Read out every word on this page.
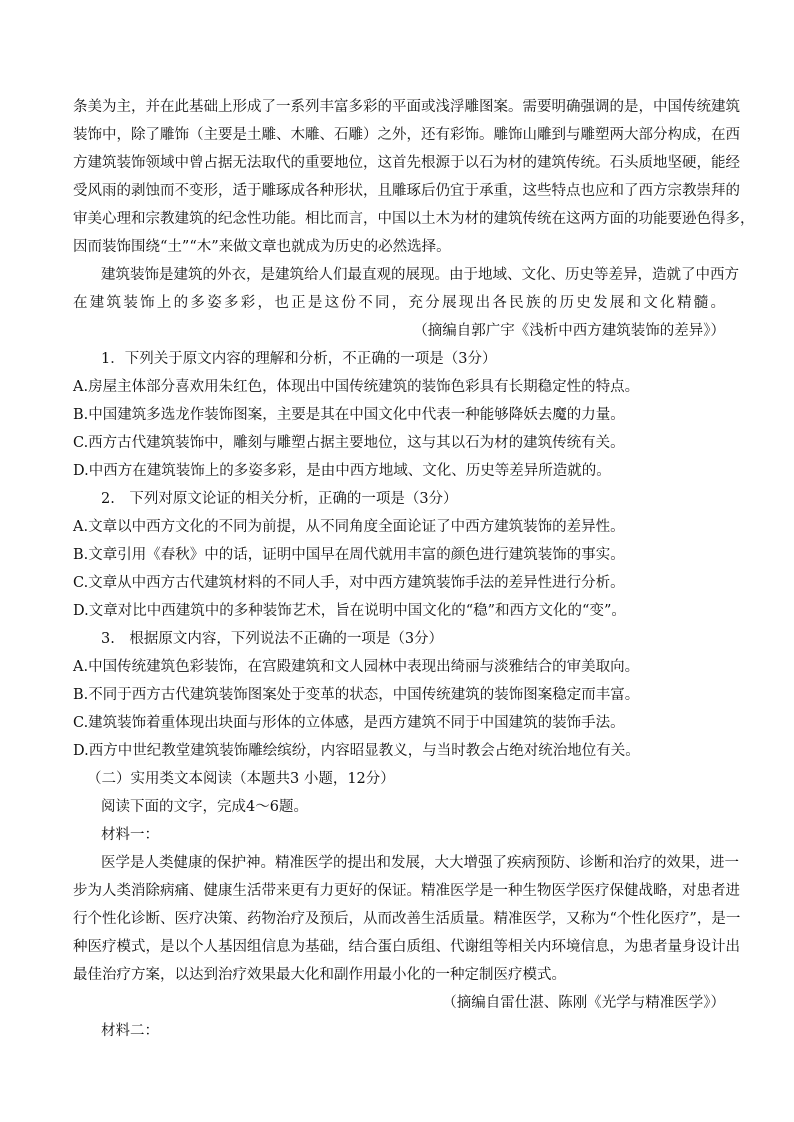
条美为主，并在此基础上形成了一系列丰富多彩的平面或浅浮雕图案。需要明确强调的是，中国传统建筑
装饰中，除了雕饰（主要是土雕、木雕、石雕）之外，还有彩饰。雕饰山雕到与雕塑两大部分构成，在西
方建筑装饰领域中曾占据无法取代的重要地位，这首先根源于以石为材的建筑传统。石头质地坚硬，能经
受风雨的剥蚀而不变形，适于雕琢成各种形状，且雕琢后仍宜于承重，这些特点也应和了西方宗教崇拜的
审美心理和宗教建筑的纪念性功能。相比而言，中国以土木为材的建筑传统在这两方面的功能要逊色得多，
因而装饰围绕“土”“木”来做文章也就成为历史的必然选择。
建筑装饰是建筑的外衣，是建筑给人们最直观的展现。由于地域、文化、历史等差异，造就了中西方
在建筑装饰上的多姿多彩，也正是这份不同，充分展现出各民族的历史发展和文化精髓。
（摘编自郭广宇《浅析中西方建筑装饰的差异》）
1．下列关于原文内容的理解和分析，不正确的一项是（3分）
A.房屋主体部分喜欢用朱红色，体现出中国传统建筑的装饰色彩具有长期稳定性的特点。
B.中国建筑多选龙作装饰图案，主要是其在中国文化中代表一种能够降妖去魔的力量。
C.西方古代建筑装饰中，雕刻与雕塑占据主要地位，这与其以石为材的建筑传统有关。
D.中西方在建筑装饰上的多姿多彩，是由中西方地域、文化、历史等差异所造就的。
2.　下列对原文论证的相关分析，正确的一项是（3分）
A.文章以中西方文化的不同为前提，从不同角度全面论证了中西方建筑装饰的差异性。
B.文章引用《春秋》中的话，证明中国早在周代就用丰富的颜色进行建筑装饰的事实。
C.文章从中西方古代建筑材料的不同人手，对中西方建筑装饰手法的差异性进行分析。
D.文章对比中西建筑中的多种装饰艺术，旨在说明中国文化的“稳”和西方文化的“变”。
3.　根据原文内容，下列说法不正确的一项是（3分）
A.中国传统建筑色彩装饰，在宫殿建筑和文人园林中表现出绮丽与淡雅结合的审美取向。
B.不同于西方古代建筑装饰图案处于变革的状态，中国传统建筑的装饰图案稳定而丰富。
C.建筑装饰着重体现出块面与形体的立体感，是西方建筑不同于中国建筑的装饰手法。
D.西方中世纪教堂建筑装饰雕绘缤纷，内容昭显教义，与当时教会占绝对统治地位有关。
（二）实用类文本阅读（本题共3 小题，12分）
阅读下面的文字，完成4～6题。
材料一：
医学是人类健康的保护神。精准医学的提出和发展，大大增强了疾病预防、诊断和治疗的效果，进一
步为人类消除病痛、健康生活带来更有力更好的保证。精准医学是一种生物医学医疗保健战略，对患者进
行个性化诊断、医疗决策、药物治疗及预后，从而改善生活质量。精准医学，又称为“个性化医疗”，是一
种医疗模式，是以个人基因组信息为基础，结合蛋白质组、代谢组等相关内环境信息，为患者量身设计出
最佳治疗方案，以达到治疗效果最大化和副作用最小化的一种定制医疗模式。
（摘编自雷仕湛、陈刚《光学与精准医学》）
材料二：
